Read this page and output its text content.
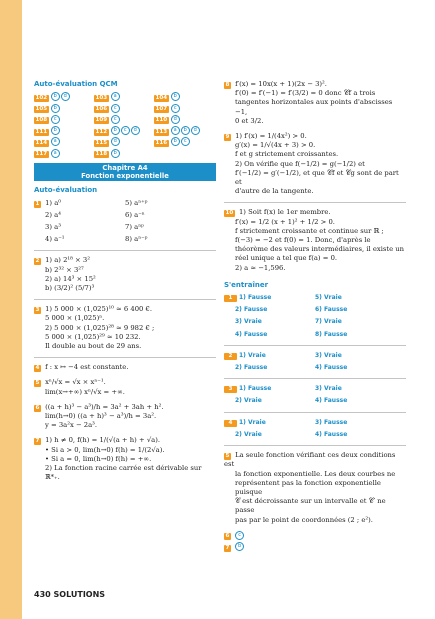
Auto-évaluation QCM
102 b d	103 a	104 b
105 b	106 c	107 c
108 c	109 c	110 d
111 b	112 b c d	113 a b d
114 a	115 d	116 b c
117 a	118 b
Chapitre A4
Fonction exponentielle
Auto-évaluation
1 1) a⁰	5) aⁿ⁺ᵖ
2) a⁴	6) a⁻ⁿ
3) a³	7) aⁿᵖ
4) a⁻¹	8) aⁿ⁻ᵖ
2 1) a) 2¹⁸ × 3²
b) 2³² × 3²⁷
2) a) 14³ × 15²
b) (3/2)² (5/7)³
3 1) 5 000 × (1,025)¹⁰ ≈ 6 400 €.
5 000 × (1,025)ⁿ.
2) 5 000 × (1,025)²⁸ ≈ 9 982 € ;
5 000 × (1,025)²⁹ ≈ 10 232.
Il double au bout de 29 ans.
4 f : x ↦ −4 est constante.
5 xⁿ/√x = √x × xⁿ⁻¹.
lim(x→+∞) xⁿ/√x = +∞.
6 ((a + h)³ − a³)/h = 3a² + 3ah + h².
lim(h→0) ((a + h)³ − a³)/h = 3a².
y = 3a²x − 2a³.
7 1) h ≠ 0, f(h) = 1/(√(a + h) + √a).
• Si a > 0, lim(h→0) f(h) = 1/(2√a).
• Si a = 0, lim(h→0) f(h) = +∞.
2) La fonction racine carrée est dérivable sur ℝ*₊.
8 f′(x) = 10x(x + 1)(2x − 3)².
f′(0) = f′(−1) = f′(3/2) = 0 donc 𝒞f a trois
tangentes horizontales aux points d'abscisses −1,
0 et 3/2.
9 1) f′(x) = 1/(4x²) > 0.
g′(x) = 1/√(4x + 3) > 0.
f et g strictement croissantes.
2) On vérifie que f(−1/2) = g(−1/2) et
f′(−1/2) = g′(−1/2), et que 𝒞f et 𝒞g sont de part et
d'autre de la tangente.
10 1) Soit f(x) le 1er membre.
f′(x) = 1/2 (x + 1)² + 1/2 > 0.
f strictement croissante et continue sur ℝ ;
f(−3) = −2 et f(0) = 1. Donc, d'après le
théorème des valeurs intermédiaires, il existe un
réel unique a tel que f(a) = 0.
2) a ≈ −1,596.
S'entraîner
1 1) Fausse	5) Vraie
2) Fausse	6) Fausse
3) Vraie	7) Vraie
4) Fausse	8) Fausse
2 1) Vraie	3) Vraie
2) Fausse	4) Fausse
3 1) Fausse	3) Vraie
2) Vraie	4) Fausse
4 1) Vraie	3) Fausse
2) Vraie	4) Fausse
5 La seule fonction vérifiant ces deux conditions est
la fonction exponentielle. Les deux courbes ne
représentent pas la fonction exponentielle puisque
𝒞 est décroissante sur un intervalle et 𝒞′ ne passe
pas par le point de coordonnées (2 ; e²).
6 c
7 b
430 SOLUTIONS
